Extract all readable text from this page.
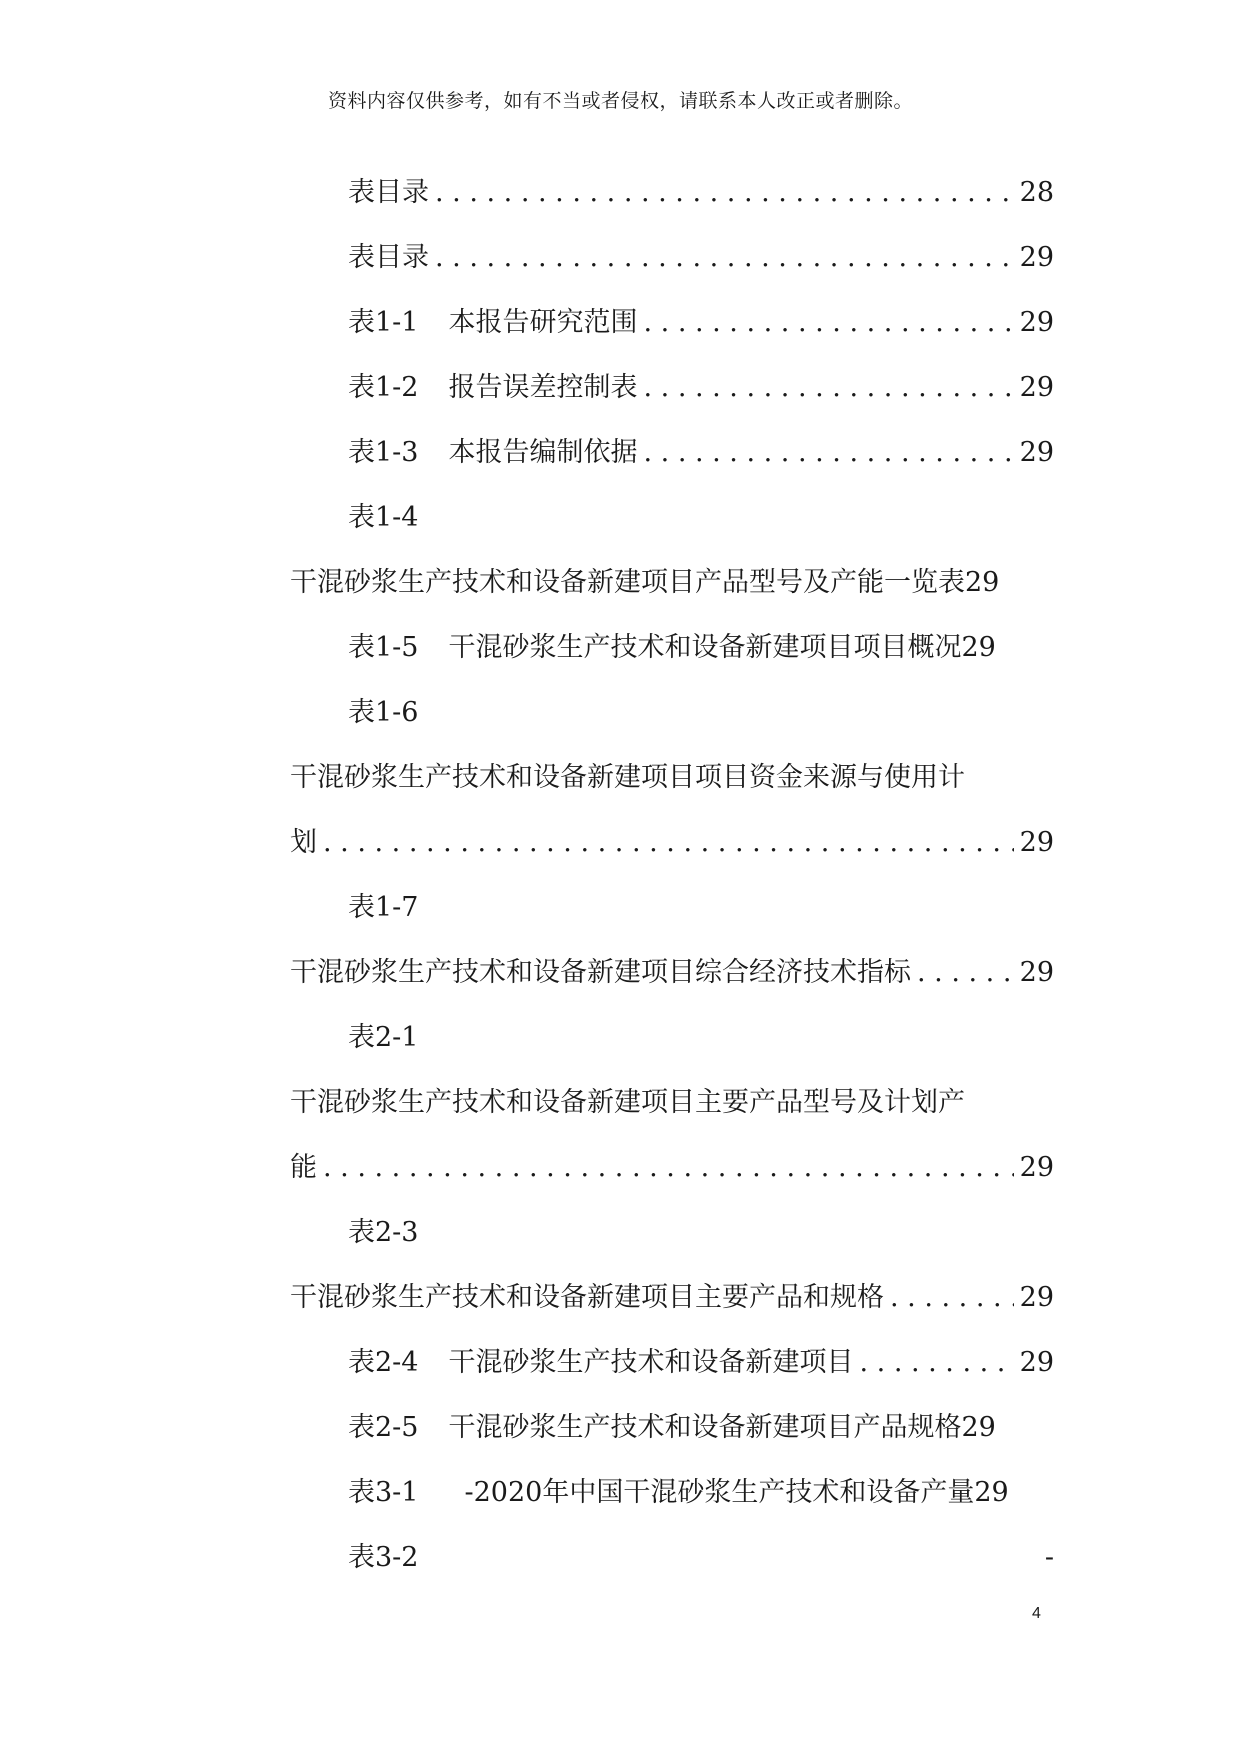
资料内容仅供参考，如有不当或者侵权，请联系本人改正或者删除。
表目录 . . .	28
表目录 . . .	29
表1-1 本报告研究范围 . . .	29
表1-2 报告误差控制表 . . .	29
表1-3 本报告编制依据 . . .	29
表1-4
干混砂浆生产技术和设备新建项目产品型号及产能一览表29
表1-5 干混砂浆生产技术和设备新建项目项目概况29
表1-6
干混砂浆生产技术和设备新建项目项目资金来源与使用计
划 . . .	29
表1-7
干混砂浆生产技术和设备新建项目综合经济技术指标 . . .	29
表2-1
干混砂浆生产技术和设备新建项目主要产品型号及计划产
能 . . .	29
表2-3
干混砂浆生产技术和设备新建项目主要产品和规格 . . .	29
表2-4 干混砂浆生产技术和设备新建项目 . . .	29
表2-5 干混砂浆生产技术和设备新建项目产品规格29
表3-1 -2020年中国干混砂浆生产技术和设备产量29
表3-2	-
4
